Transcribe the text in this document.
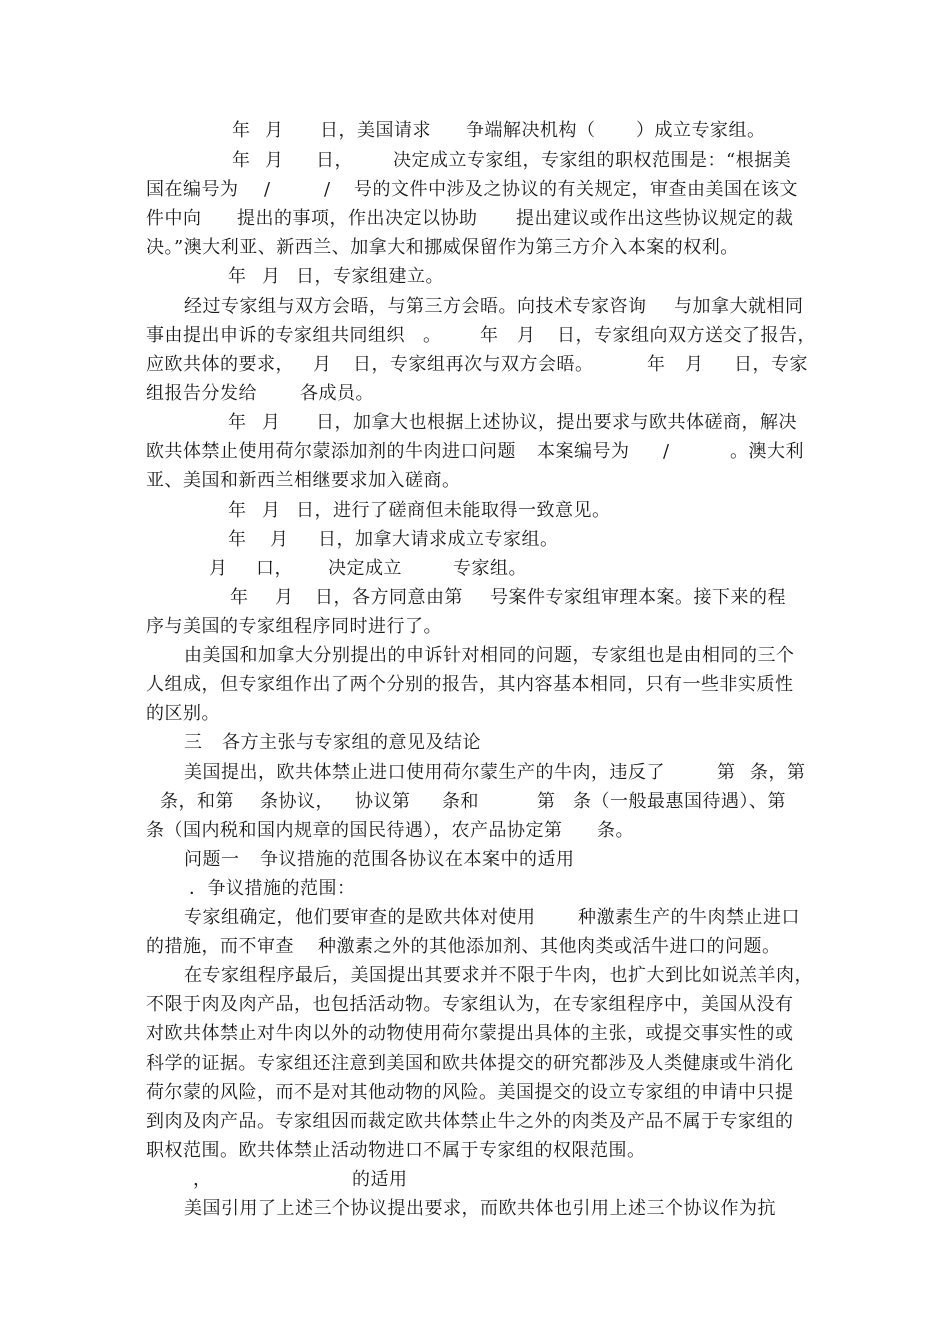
年 月 日，美国请求 争端解决机构（ ）成立专家组。
年 月 日， 决定成立专家组，专家组的职权范围是：“根据美
国在编号为 /	/ 号的文件中涉及之协议的有关规定，审查由美国在该文
件中向 提出的事项，作出决定以协助 提出建议或作出这些协议规定的裁
决。”澳大利亚、新西兰、加拿大和挪威保留作为第三方介入本案的权利。
年 月 日，专家组建立。
经过专家组与双方会晤，与第三方会晤。向技术专家咨询 与加拿大就相同
事由提出申诉的专家组共同组织 。 年 月 日，专家组向双方送交了报告，
应欧共体的要求， 月 日，专家组再次与双方会晤。	年 月 日，专家
组报告分发给 各成员。
年 月 日，加拿大也根据上述协议，提出要求与欧共体磋商，解决
欧共体禁止使用荷尔蒙添加剂的牛肉进口问题 本案编号为 /	。澳大利
亚、美国和新西兰相继要求加入磋商。
年 月 日，进行了磋商但未能取得一致意见。
年 月 日，加拿大请求成立专家组。
月 口， 决定成立	专家组。
年 月 日，各方同意由第 号案件专家组审理本案。接下来的程
序与美国的专家组程序同时进行了。
由美国和加拿大分别提出的申诉针对相同的问题，专家组也是由相同的三个
人组成，但专家组作出了两个分别的报告，其内容基本相同，只有一些非实质性
的区别。
三 各方主张与专家组的意见及结论
美国提出，欧共体禁止进口使用荷尔蒙生产的牛肉，违反了	第 条，第
条，和第 条协议， 协议第 条和	第 条（一般最惠国待遇）、第
条（国内税和国内规章的国民待遇），农产品协定第 条。
问题一 争议措施的范围各协议在本案中的适用
．争议措施的范围：
专家组确定，他们要审查的是欧共体对使用 种激素生产的牛肉禁止进口
的措施，而不审查 种激素之外的其他添加剂、其他肉类或活牛进口的问题。
在专家组程序最后，美国提出其要求并不限于牛肉，也扩大到比如说羔羊肉，
不限于肉及肉产品，也包括活动物。专家组认为，在专家组程序中，美国从没有
对欧共体禁止对牛肉以外的动物使用荷尔蒙提出具体的主张，或提交事实性的或
科学的证据。专家组还注意到美国和欧共体提交的研究都涉及人类健康或牛消化
荷尔蒙的风险，而不是对其他动物的风险。美国提交的设立专家组的申请中只提
到肉及肉产品。专家组因而裁定欧共体禁止牛之外的肉类及产品不属于专家组的
职权范围。欧共体禁止活动物进口不属于专家组的权限范围。
，	的适用
美国引用了上述三个协议提出要求，而欧共体也引用上述三个协议作为抗
